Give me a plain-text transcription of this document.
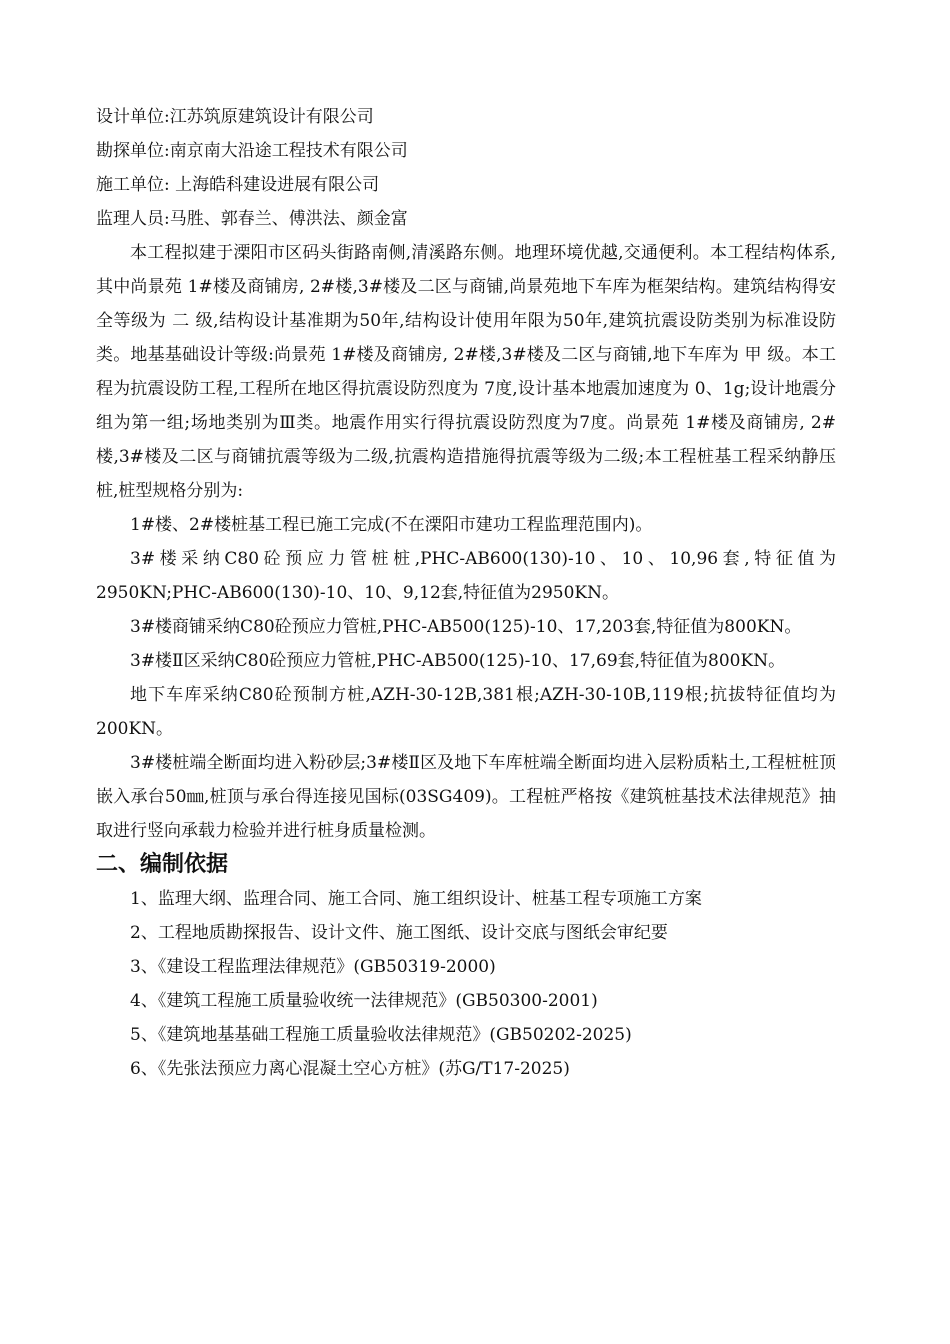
设计单位:江苏筑原建筑设计有限公司
勘探单位:南京南大沿途工程技术有限公司
施工单位: 上海皓科建设进展有限公司
监理人员:马胜、郭春兰、傅洪法、颜金富
本工程拟建于溧阳市区码头街路南侧,清溪路东侧。地理环境优越,交通便利。本工程结构体系,其中尚景苑 1#楼及商铺房, 2#楼,3#楼及二区与商铺,尚景苑地下车库为框架结构。建筑结构得安全等级为 二 级,结构设计基准期为50年,结构设计使用年限为50年,建筑抗震设防类别为标准设防类。地基基础设计等级:尚景苑 1#楼及商铺房, 2#楼,3#楼及二区与商铺,地下车库为 甲 级。本工程为抗震设防工程,工程所在地区得抗震设防烈度为 7度,设计基本地震加速度为 0、1g;设计地震分组为第一组;场地类别为Ⅲ类。地震作用实行得抗震设防烈度为7度。尚景苑 1#楼及商铺房, 2#楼,3#楼及二区与商铺抗震等级为二级,抗震构造措施得抗震等级为二级;本工程桩基工程采纳静压桩,桩型规格分别为:
1#楼、2#楼桩基工程已施工完成(不在溧阳市建功工程监理范围内)。
3#楼采纳C80砼预应力管桩桩,PHC-AB600(130)-10、10、10,96套,特征值为2950KN;PHC-AB600(130)-10、10、9,12套,特征值为2950KN。
3#楼商铺采纳C80砼预应力管桩,PHC-AB500(125)-10、17,203套,特征值为800KN。
3#楼Ⅱ区采纳C80砼预应力管桩,PHC-AB500(125)-10、17,69套,特征值为800KN。
地下车库采纳C80砼预制方桩,AZH-30-12B,381根;AZH-30-10B,119根;抗拔特征值均为200KN。
3#楼桩端全断面均进入粉砂层;3#楼Ⅱ区及地下车库桩端全断面均进入层粉质粘土,工程桩桩顶嵌入承台50㎜,桩顶与承台得连接见国标(03SG409)。工程桩严格按《建筑桩基技术法律规范》抽取进行竖向承载力检验并进行桩身质量检测。
二、编制依据
1、监理大纲、监理合同、施工合同、施工组织设计、桩基工程专项施工方案
2、工程地质勘探报告、设计文件、施工图纸、设计交底与图纸会审纪要
3、《建设工程监理法律规范》(GB50319-2000)
4、《建筑工程施工质量验收统一法律规范》(GB50300-2001)
5、《建筑地基基础工程施工质量验收法律规范》(GB50202-2025)
6、《先张法预应力离心混凝土空心方桩》(苏G/T17-2025)
